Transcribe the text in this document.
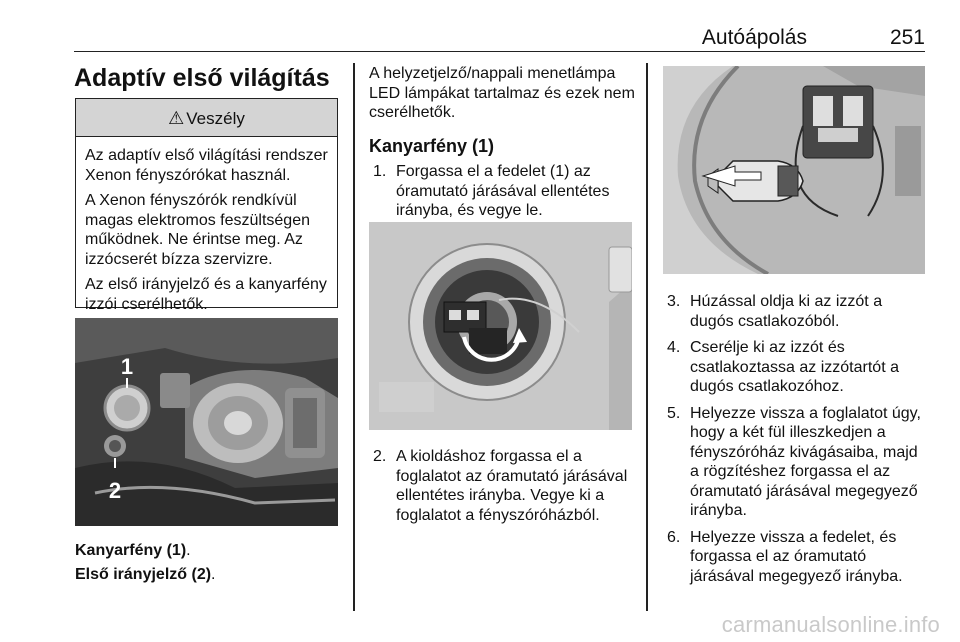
Autóápolás	251
Adaptív első világítás
⚠ Veszély

Az adaptív első világítási rendszer Xenon fényszórókat használ.

A Xenon fényszórók rendkívül magas elektromos feszültségen működnek. Ne érintse meg. Az izzócserét bízza szervizre.

Az első irányjelző és a kanyarfény izzói cserélhetők.

1
2
Kanyarfény (1).
Első irányjelző (2).

A helyzetjelző/nappali menetlámpa LED lámpákat tartalmaz és ezek nem cserélhetők.

Kanyarfény (1)
1. Forgassa el a fedelet (1) az óramutató járásával ellentétes irányba, és vegye le.
2. A kioldáshoz forgassa el a foglalatot az óramutató járásával ellentétes irányba. Vegye ki a foglalatot a fényszóróházból.
3. Húzással oldja ki az izzót a dugós csatlakozóból.
4. Cserélje ki az izzót és csatlakoztassa az izzótartót a dugós csatlakozóhoz.
5. Helyezze vissza a foglalatot úgy, hogy a két fül illeszkedjen a fényszóróház kivágásaiba, majd a rögzítéshez forgassa el az óramutató járásával megegyező irányba.
6. Helyezze vissza a fedelet, és forgassa el az óramutató járásával megegyező irányba.
carmanualsonline.info
